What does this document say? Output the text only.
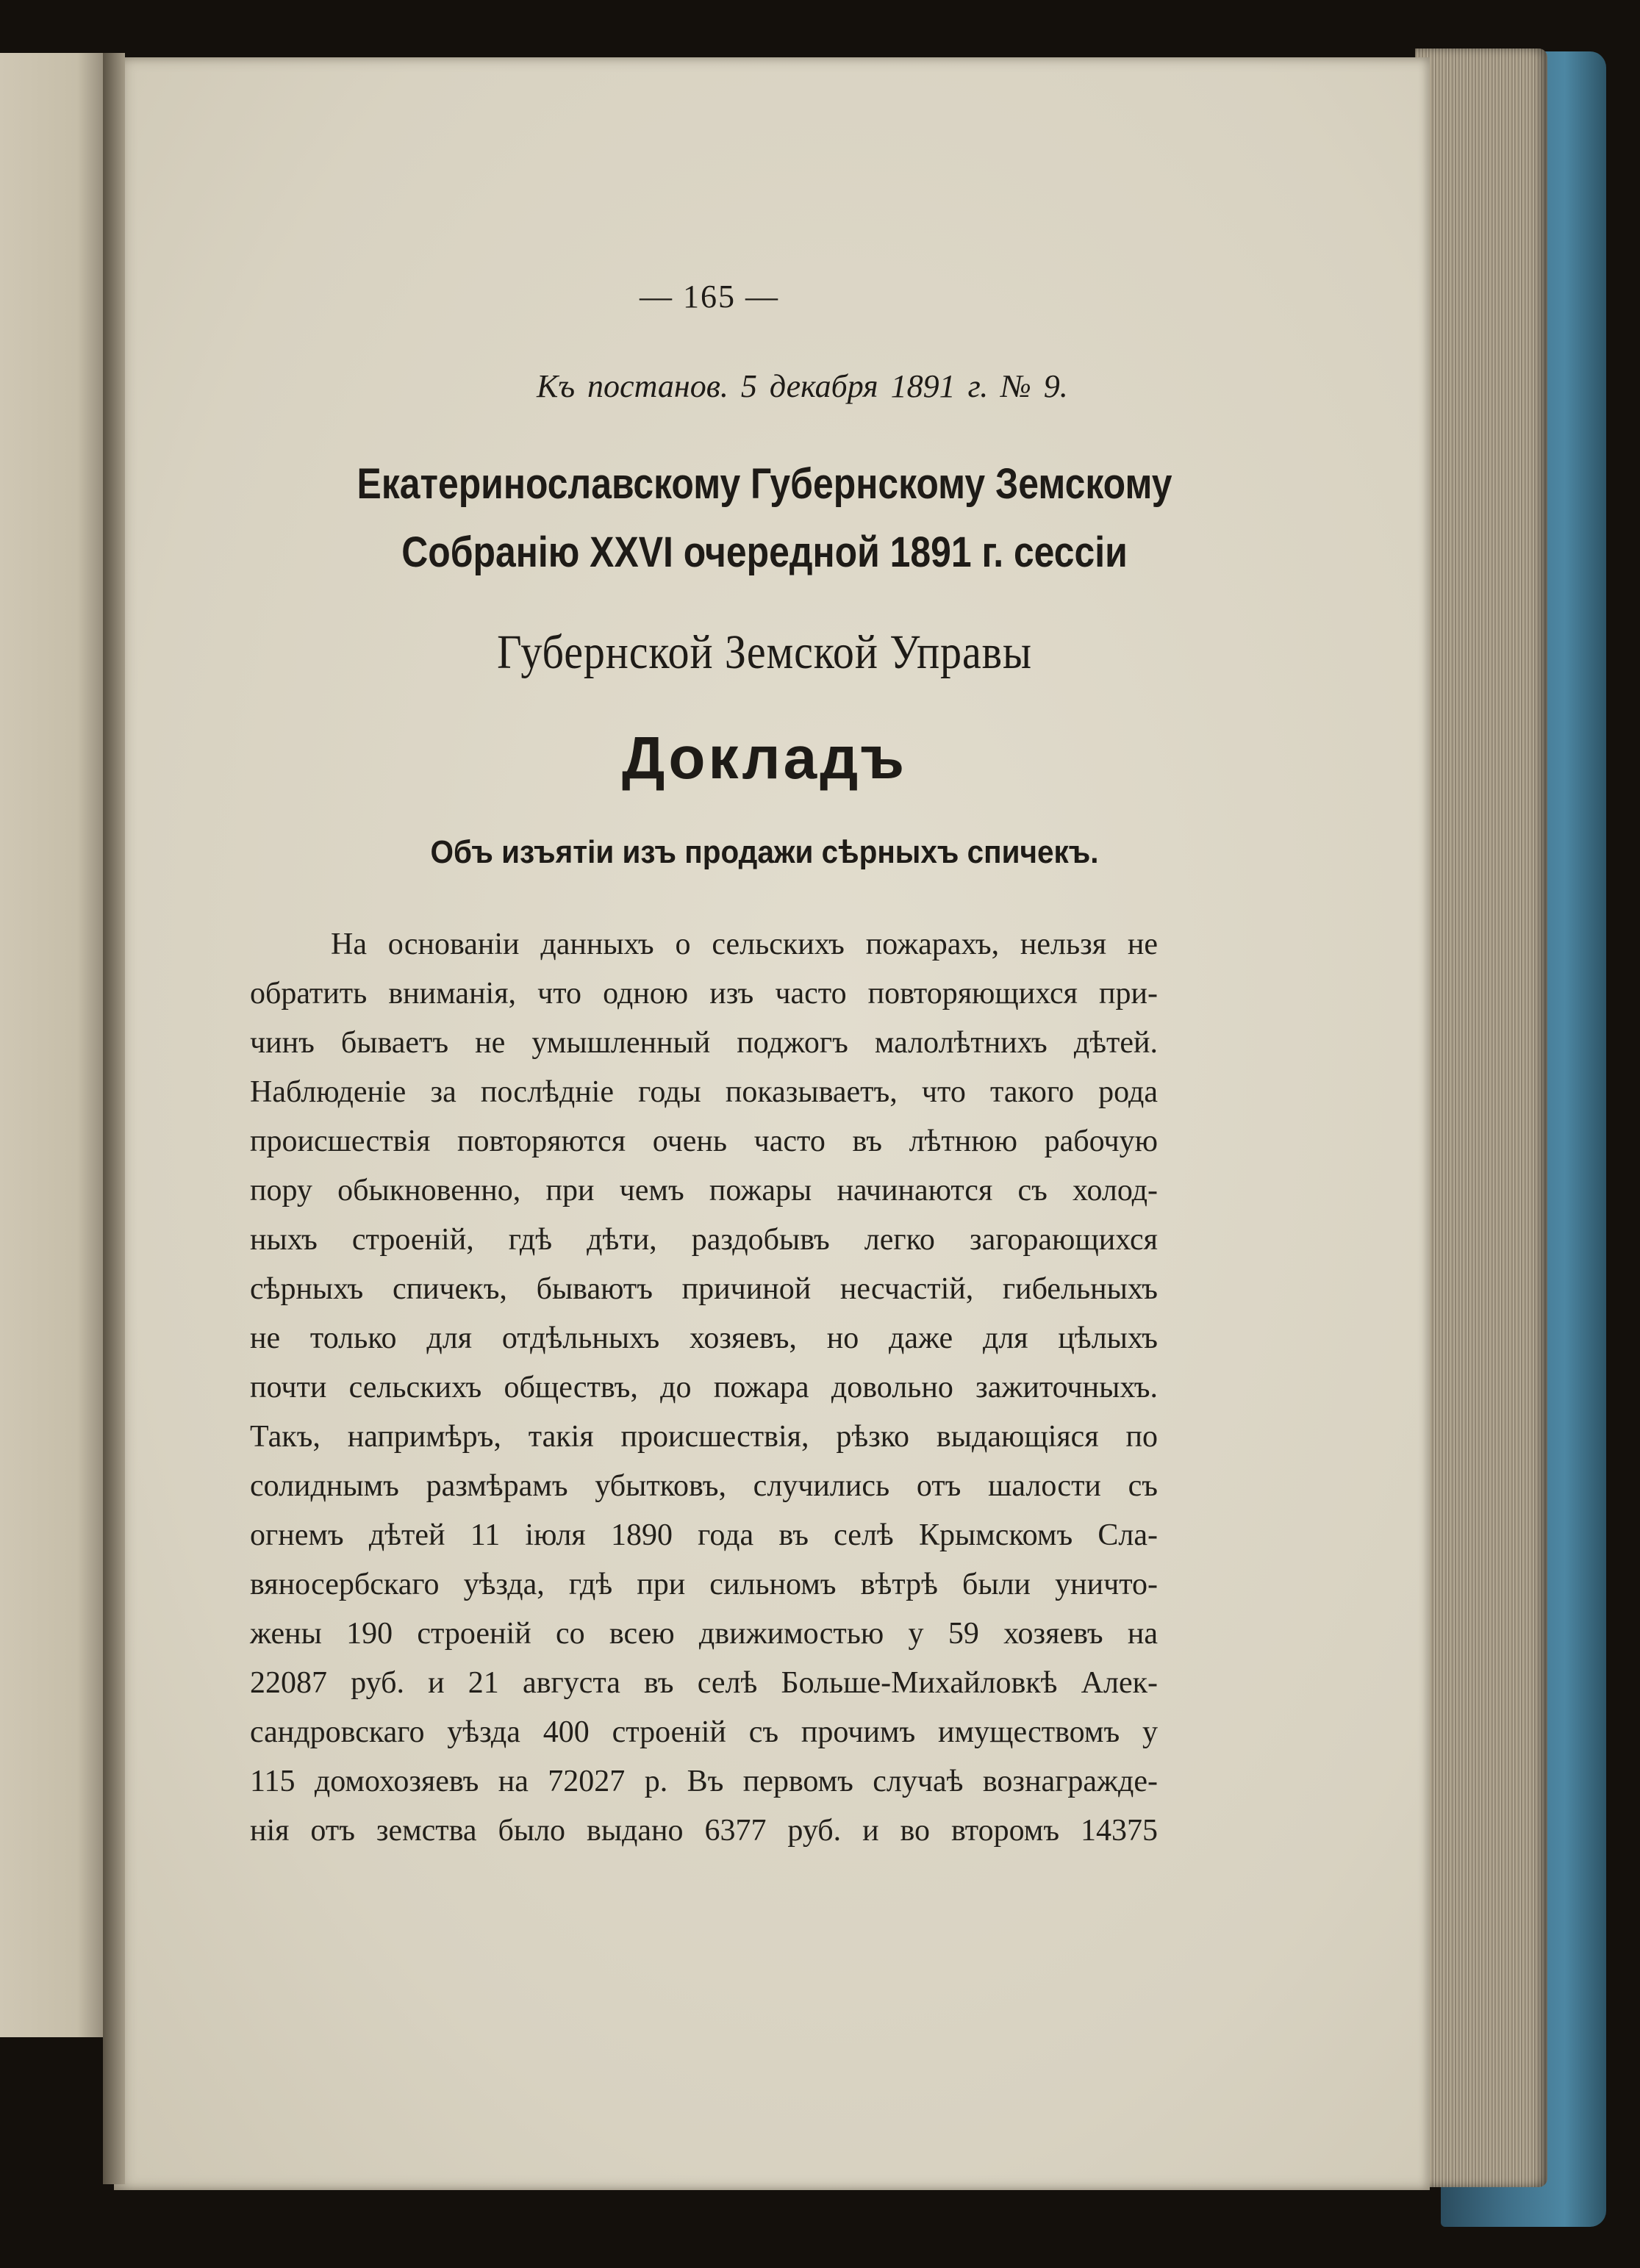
— 165 —
Къ постанов. 5 декабря 1891 г. № 9.
Екатеринославскому Губернскому Земскому
Собранію XXVI очередной 1891 г. сессіи
Губернской Земской Управы
Докладъ
Объ изъятіи изъ продажи сѣрныхъ спичекъ.
На основаніи данныхъ о сельскихъ пожарахъ, нельзя не
обратить вниманія, что одною изъ часто повторяющихся при-
чинъ бываетъ не умышленный поджогъ малолѣтнихъ дѣтей.
Наблюденіе за послѣдніе годы показываетъ, что такого рода
происшествія повторяются очень часто въ лѣтнюю рабочую
пору обыкновенно, при чемъ пожары начинаются съ холод-
ныхъ строеній, гдѣ дѣти, раздобывъ легко загорающихся
сѣрныхъ спичекъ, бываютъ причиной несчастій, гибельныхъ
не только для отдѣльныхъ хозяевъ, но даже для цѣлыхъ
почти сельскихъ обществъ, до пожара довольно зажиточныхъ.
Такъ, напримѣръ, такія происшествія, рѣзко выдающіяся по
солиднымъ размѣрамъ убытковъ, случились отъ шалости съ
огнемъ дѣтей 11 іюля 1890 года въ селѣ Крымскомъ Сла-
вяносербскаго уѣзда, гдѣ при сильномъ вѣтрѣ были уничто-
жены 190 строеній со всею движимостью у 59 хозяевъ на
22087 руб. и 21 августа въ селѣ Больше-Михайловкѣ Алек-
сандровскаго уѣзда 400 строеній съ прочимъ имуществомъ у
115 домохозяевъ на 72027 р. Въ первомъ случаѣ вознагражде-
нія отъ земства было выдано 6377 руб. и во второмъ 14375
